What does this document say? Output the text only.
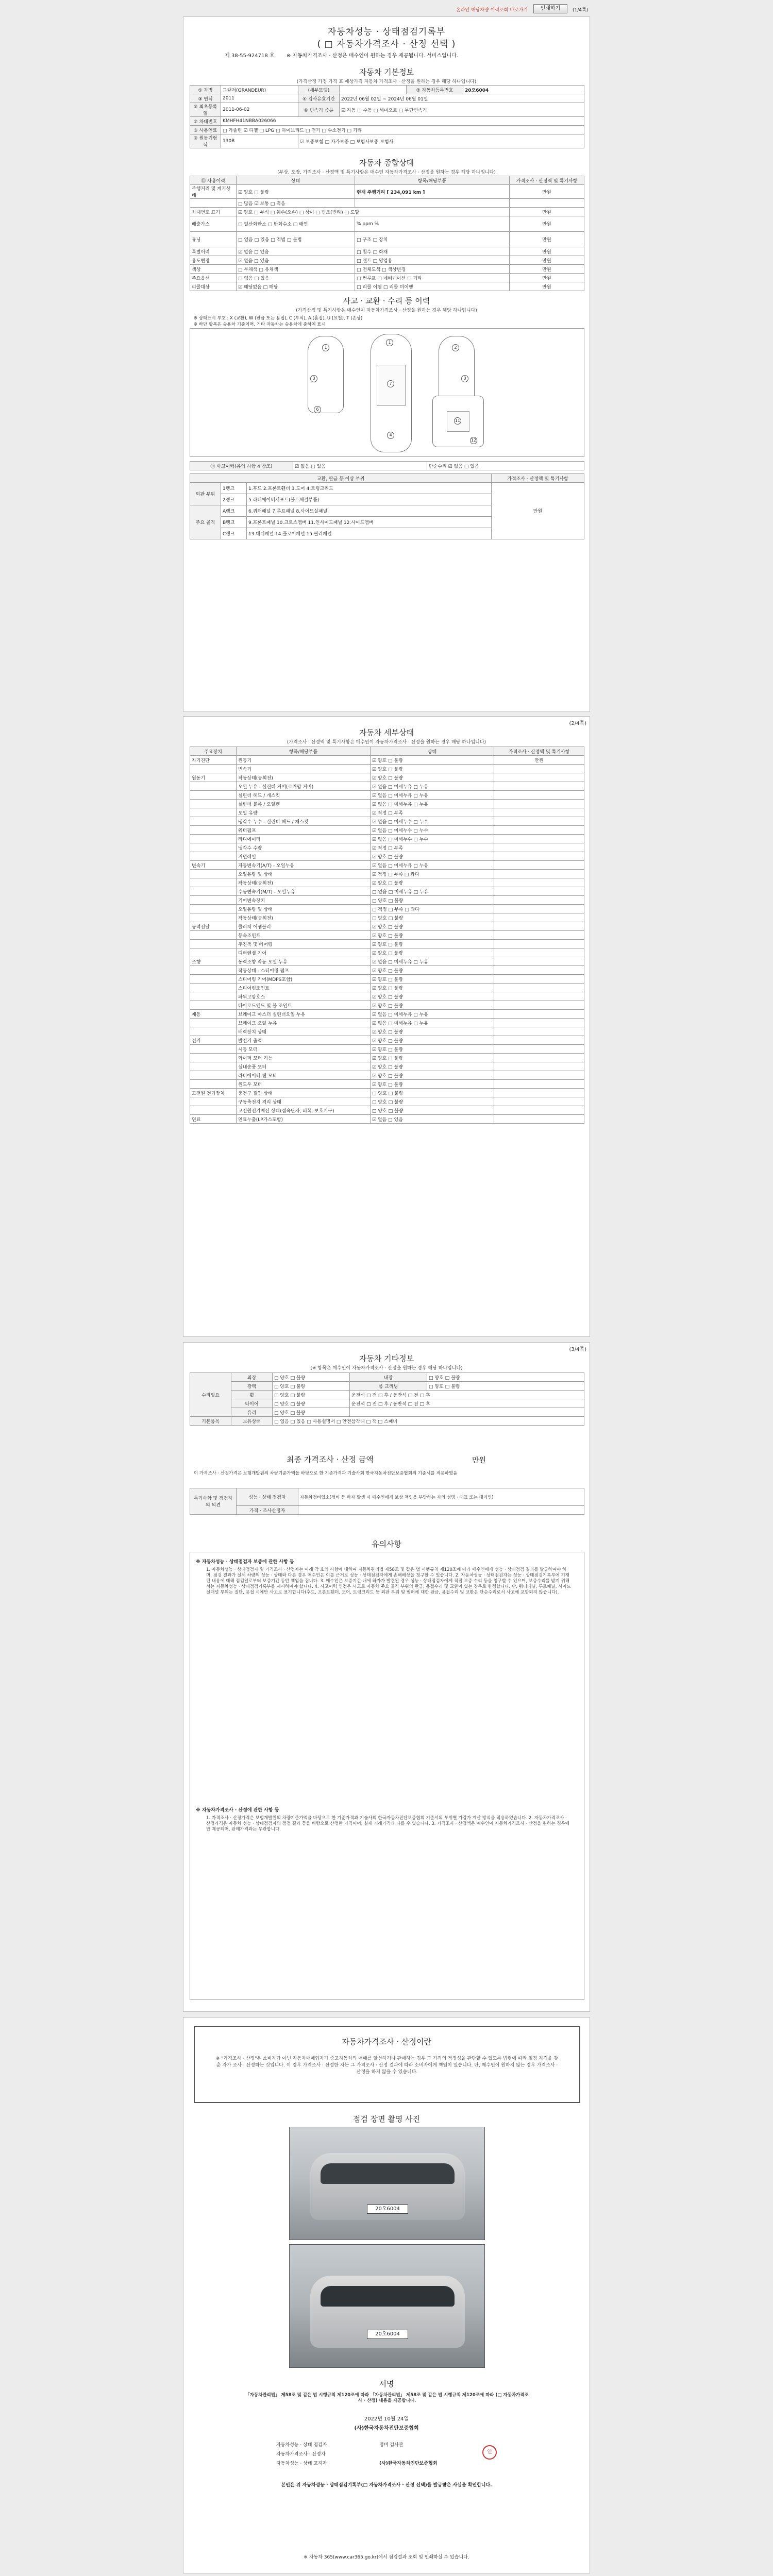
온라인 해당차량 이력조회 바로가기	인쇄하기	(1/4쪽)
자동차성능 · 상태점검기록부
( □ 자동차가격조사 · 산정 선택 )
제 38-55-924718 호 ※ 자동차가격조사 · 산정은 매수인이 원하는 경우 제공됩니다. 서비스입니다.
자동차 기본정보
(가격산정 가정 가격 표 예상가격 자동차 가격조사 · 산정을 원하는 경우 해당 하나입니다)
① 차명	그랜저(GRANDEUR)	(세부모델)		② 자동차등록번호	20오6004
③ 연식	2011	④ 검사유효기간	2022년 06월 02일 ~ 2024년 06월 01일		
⑤ 최초등록일	2011-06-02	⑥ 변속기 종류	☑ 자동 □ 수동 □ 세미오토 □ 무단변속기		
⑦ 차대번호	KMHFH41NBBA026066				
⑧ 사용연료	□ 가솔린 ☑ 디젤 □ LPG □ 하이브리드 □ 전기 □ 수소전기 □ 기타				
⑨ 원동기형식	130B	☑ 보증보험 □ 자가보증 □ 보험사보증 보험사			
자동차 종합상태
(부상, 도장, 가격조사 · 산정액 및 특기사항은 매수인 자동차가격조사 · 산정을 원하는 경우 해당 하나입니다)
⑪ 사용이력	상태	항목/해당부품	가격조사 · 산정액 및 특기사항
주행거리 및 계기상태	☑ 양호 □ 불량	현재 주행거리 [ 234,091 km ]	만원
	□ 많음 ☑ 보통 □ 적음		
차대번호 표기	☑ 양호 □ 부식 □ 훼손(오손) □ 상이 □ 변조(변타) □ 도말		만원
배출가스	□ 일산화탄소 □ 탄화수소 □ 매연	% ppm %	만원
튜닝	□ 없음 □ 있음 □ 적법 □ 불법	□ 구조 □ 장치	만원
특별이력	☑ 없음 □ 있음	□ 침수 □ 화재	만원
용도변경	☑ 없음 □ 있음	□ 렌트 □ 영업용	만원
색상	□ 무채색 □ 유채색	□ 전체도색 □ 색상변경	만원
주요옵션	□ 없음 □ 있음	□ 썬루프 □ 네비게이션 □ 기타	만원
리콜대상	☑ 해당없음 □ 해당	□ 리콜 이행 □ 리콜 미이행	만원
사고 · 교환 · 수리 등 이력
(가격산정 및 특기사항은 매수인이 자동차가격조사 · 산정을 원하는 경우 해당 하나입니다)
※ 상태표시 부호 : X (교환), W (판금 또는 용접), C (부식), A (흠집), U (요철), T (손상)
※ 하단 항목은 승용차 기준이며, 기타 자동차는 승용차에 준하여 표시
1
3
6
1
7
4
2
3
11
12
⑫ 사고이력(유의 사항 4 참조)	☑ 없음 □ 있음	단순수리 ☑ 없음 □ 있음
교환, 판금 등 이상 부위			가격조사 · 산정액 및 특기사항
외판 부위	1랭크	1.후드 2.프론트휀더 3.도어 4.트렁크리드	만원
	2랭크	5.라디에이터서포트(볼트체결부품)	
주요 골격	A랭크	6.쿼터패널 7.루프패널 8.사이드실패널	
	B랭크	9.프론트패널 10.크로스멤버 11.인사이드패널 12.사이드멤버	
	C랭크	13.대쉬패널 14.플로어패널 15.필러패널	
(2/4쪽)
자동차 세부상태
(가격조사 · 산정액 및 특기사항은 매수인이 자동차가격조사 · 산정을 원하는 경우 해당 하나입니다)
주요장치	항목/해당부품	상태	가격조사 · 산정액 및 특기사항
자기진단	원동기	☑ 양호 □ 불량	만원
	변속기	☑ 양호 □ 불량	
원동기	작동상태(공회전)	☑ 양호 □ 불량	
	오일 누유 - 실린더 커버(로커암 커버)	☑ 없음 □ 미세누유 □ 누유	
	실린더 헤드 / 개스킷	☑ 없음 □ 미세누유 □ 누유	
	실린더 블록 / 오일팬	☑ 없음 □ 미세누유 □ 누유	
	오일 유량	☑ 적정 □ 부족	
	냉각수 누수 - 실린더 헤드 / 개스킷	☑ 없음 □ 미세누수 □ 누수	
	워터펌프	☑ 없음 □ 미세누수 □ 누수	
	라디에이터	☑ 없음 □ 미세누수 □ 누수	
	냉각수 수량	☑ 적정 □ 부족	
	커먼레일	☑ 양호 □ 불량	
변속기	자동변속기(A/T) - 오일누유	☑ 없음 □ 미세누유 □ 누유	
	오일유량 및 상태	☑ 적정 □ 부족 □ 과다	
	작동상태(공회전)	☑ 양호 □ 불량	
	수동변속기(M/T) - 오일누유	□ 없음 □ 미세누유 □ 누유	
	기어변속장치	□ 양호 □ 불량	
	오일유량 및 상태	□ 적정 □ 부족 □ 과다	
	작동상태(공회전)	□ 양호 □ 불량	
동력전달	클러치 어셈블리	☑ 양호 □ 불량	
	등속조인트	☑ 양호 □ 불량	
	추진축 및 베어링	☑ 양호 □ 불량	
	디퍼렌셜 기어	☑ 양호 □ 불량	
조향	동력조향 작동 오일 누유	☑ 없음 □ 미세누유 □ 누유	
	작동상태 - 스티어링 펌프	☑ 양호 □ 불량	
	스티어링 기어(MDPS포함)	☑ 양호 □ 불량	
	스티어링조인트	☑ 양호 □ 불량	
	파워고압호스	☑ 양호 □ 불량	
	타이로드엔드 및 볼 조인트	☑ 양호 □ 불량	
제동	브레이크 마스터 실린더오일 누유	☑ 없음 □ 미세누유 □ 누유	
	브레이크 오일 누유	☑ 없음 □ 미세누유 □ 누유	
	배력장치 상태	☑ 양호 □ 불량	
전기	발전기 출력	☑ 양호 □ 불량	
	시동 모터	☑ 양호 □ 불량	
	와이퍼 모터 기능	☑ 양호 □ 불량	
	실내송풍 모터	☑ 양호 □ 불량	
	라디에이터 팬 모터	☑ 양호 □ 불량	
	윈도우 모터	☑ 양호 □ 불량	
고전원 전기장치	충전구 절연 상태	□ 양호 □ 불량	
	구동축전지 격리 상태	□ 양호 □ 불량	
	고전원전기배선 상태(접속단자, 피복, 보호기구)	□ 양호 □ 불량	
연료	연료누출(LP가스포함)	☑ 없음 □ 있음	
(3/4쪽)
자동차 기타정보
(※ 항목은 매수인이 자동차가격조사 · 산정을 원하는 경우 해당 하나입니다)
수리필요	외장	□ 양호 □ 불량	내장	□ 양호 □ 불량
	광택	□ 양호 □ 불량	룸 크리닝	□ 양호 □ 불량
	휠	□ 양호 □ 불량	운전석 □ 전 □ 후 / 동반석 □ 전 □ 후	
	타이어	□ 양호 □ 불량	운전석 □ 전 □ 후 / 동반석 □ 전 □ 후	
	유리	□ 양호 □ 불량		
기본품목	보유상태	□ 없음 □ 있음 □ 사용설명서 □ 안전삼각대 □ 잭 □ 스패너		
최종 가격조사 · 산정 금액	만원
이 가격조사 · 산정가격은 보험개발원의 차량기준가액을 바탕으로 한 기준가격과 기술사회 한국자동차진단보증협회의 기준서를 적용하였음
특기사항 및 점검자의 의견	성능 · 상태 점검자	자동차정비업소(정비 등 하자 발생 시 매수인에게 보상 책임을 부담하는 자의 성명 · 대표 또는 대리인)
	가격 · 조사산정자	
유의사항
※ 자동차성능 · 상태점검자 보증에 관한 사항 등
1. 자동차성능 · 상태점검자 및 가격조사 · 산정자는 아래 각 호의 사항에 대하여 자동차관리법 제58조 및 같은 법 시행규칙 제120조에 따라 매수인에게 성능 · 상태점검 결과를 발급하여야 하며, 점검 결과가 실제 차량의 성능 · 상태와 다른 경우 매수인은 이를 근거로 성능 · 상태점검자에게 손해배상을 청구할 수 있습니다. 2. 자동차성능 · 상태점검자는 성능 · 상태점검기록부에 기재된 내용에 대해 점검일로부터 보증기간 동안 책임을 집니다. 3. 매수인은 보증기간 내에 하자가 발견된 경우 성능 · 상태점검자에게 직접 보증 수리 등을 청구할 수 있으며, 보증수리를 받기 위해서는 자동차성능 · 상태점검기록부를 제시하여야 합니다. 4. 사고이력 인정은 사고로 자동차 주요 골격 부위의 판금, 용접수리 및 교환이 있는 경우로 한정합니다. 단, 쿼터패널, 루프패널, 사이드실패널 부위는 절단, 용접 시에만 사고로 표기합니다(후드, 프론트휀더, 도어, 트렁크리드 등 외판 부위 및 범퍼에 대한 판금, 용접수리 및 교환은 단순수리로서 사고에 포함되지 않습니다).
※ 자동차가격조사 · 산정에 관한 사항 등
1. 가격조사 · 산정가격은 보험개발원의 차량기준가액을 바탕으로 한 기준가격과 기술사회 한국자동차진단보증협회 기준서의 부위별 가감가 계산 방식을 적용하였습니다. 2. 자동차가격조사 · 산정가격은 자동차 성능 · 상태점검자의 점검 결과 등을 바탕으로 산정한 가격이며, 실제 거래가격과 다를 수 있습니다. 3. 가격조사 · 산정액은 매수인이 자동차가격조사 · 산정을 원하는 경우에만 제공되며, 판매가격과는 무관합니다.
자동차가격조사 · 산정이란
※ "가격조사 · 산정"은 소비자가 아닌 자동차매매업자가 중고자동차의 매매를 알선하거나 판매하는 경우 그 가격의 적정성을 판단할 수 있도록 법령에 따라 일정 자격을 갖춘 자가 조사 · 산정하는 것입니다. 이 경우 가격조사 · 산정한 자는 그 가격조사 · 산정 결과에 따라 소비자에게 책임이 있습니다. 단, 매수인이 원하지 않는 경우 가격조사 · 산정을 하지 않을 수 있습니다.
점검 장면 촬영 사진
20오6004
20오6004
서명
「자동차관리법」 제58조 및 같은 법 시행규칙 제120조에 따라 「자동차관리법」 제58조 및 같은 법 시행규칙 제120조에 따라 (□ 자동차가격조사 · 산정) 내용을 제공합니다.
2022년 10월 24일
(사)한국자동차진단보증협회
자동차성능 · 상태 점검자	정비 검사관
자동차가격조사 · 산정자
자동차성능 · 상태 고지자	(사)한국자동차진단보증협회
인
본인은 위 자동차성능 · 상태점검기록부(□ 자동차가격조사 · 산정 선택)를 발급받은 사실을 확인합니다.
※ 자동차 365(www.car365.go.kr)에서 점검결과 조회 및 인쇄하실 수 있습니다.
